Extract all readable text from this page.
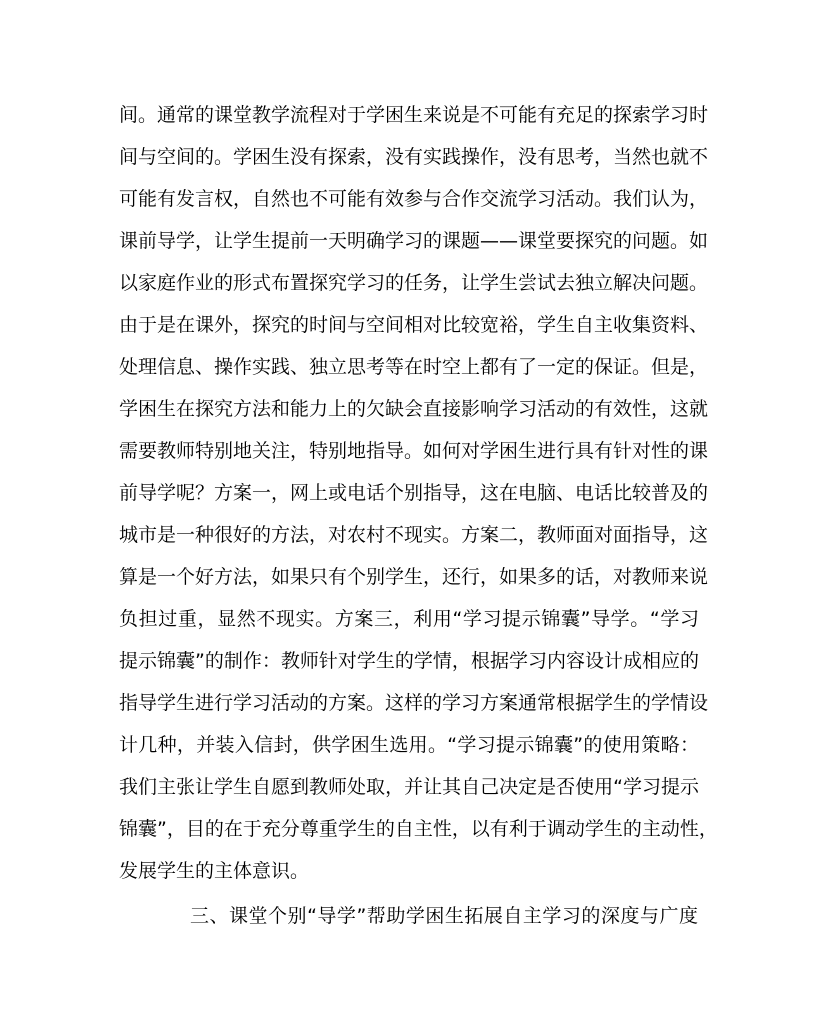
间。通常的课堂教学流程对于学困生来说是不可能有充足的探索学习时
间与空间的。学困生没有探索，没有实践操作，没有思考，当然也就不
可能有发言权，自然也不可能有效参与合作交流学习活动。我们认为，
课前导学，让学生提前一天明确学习的课题——课堂要探究的问题。如
以家庭作业的形式布置探究学习的任务，让学生尝试去独立解决问题。
由于是在课外，探究的时间与空间相对比较宽裕，学生自主收集资料、
处理信息、操作实践、独立思考等在时空上都有了一定的保证。但是，
学困生在探究方法和能力上的欠缺会直接影响学习活动的有效性，这就
需要教师特别地关注，特别地指导。如何对学困生进行具有针对性的课
前导学呢？方案一，网上或电话个别指导，这在电脑、电话比较普及的
城市是一种很好的方法，对农村不现实。方案二，教师面对面指导，这
算是一个好方法，如果只有个别学生，还行，如果多的话，对教师来说
负担过重，显然不现实。方案三，利用“学习提示锦囊”导学。“学习
提示锦囊”的制作：教师针对学生的学情，根据学习内容设计成相应的
指导学生进行学习活动的方案。这样的学习方案通常根据学生的学情设
计几种，并装入信封，供学困生选用。“学习提示锦囊”的使用策略：
我们主张让学生自愿到教师处取，并让其自己决定是否使用“学习提示
锦囊”，目的在于充分尊重学生的自主性，以有利于调动学生的主动性，
发展学生的主体意识。
三、课堂个别“导学”帮助学困生拓展自主学习的深度与广度
